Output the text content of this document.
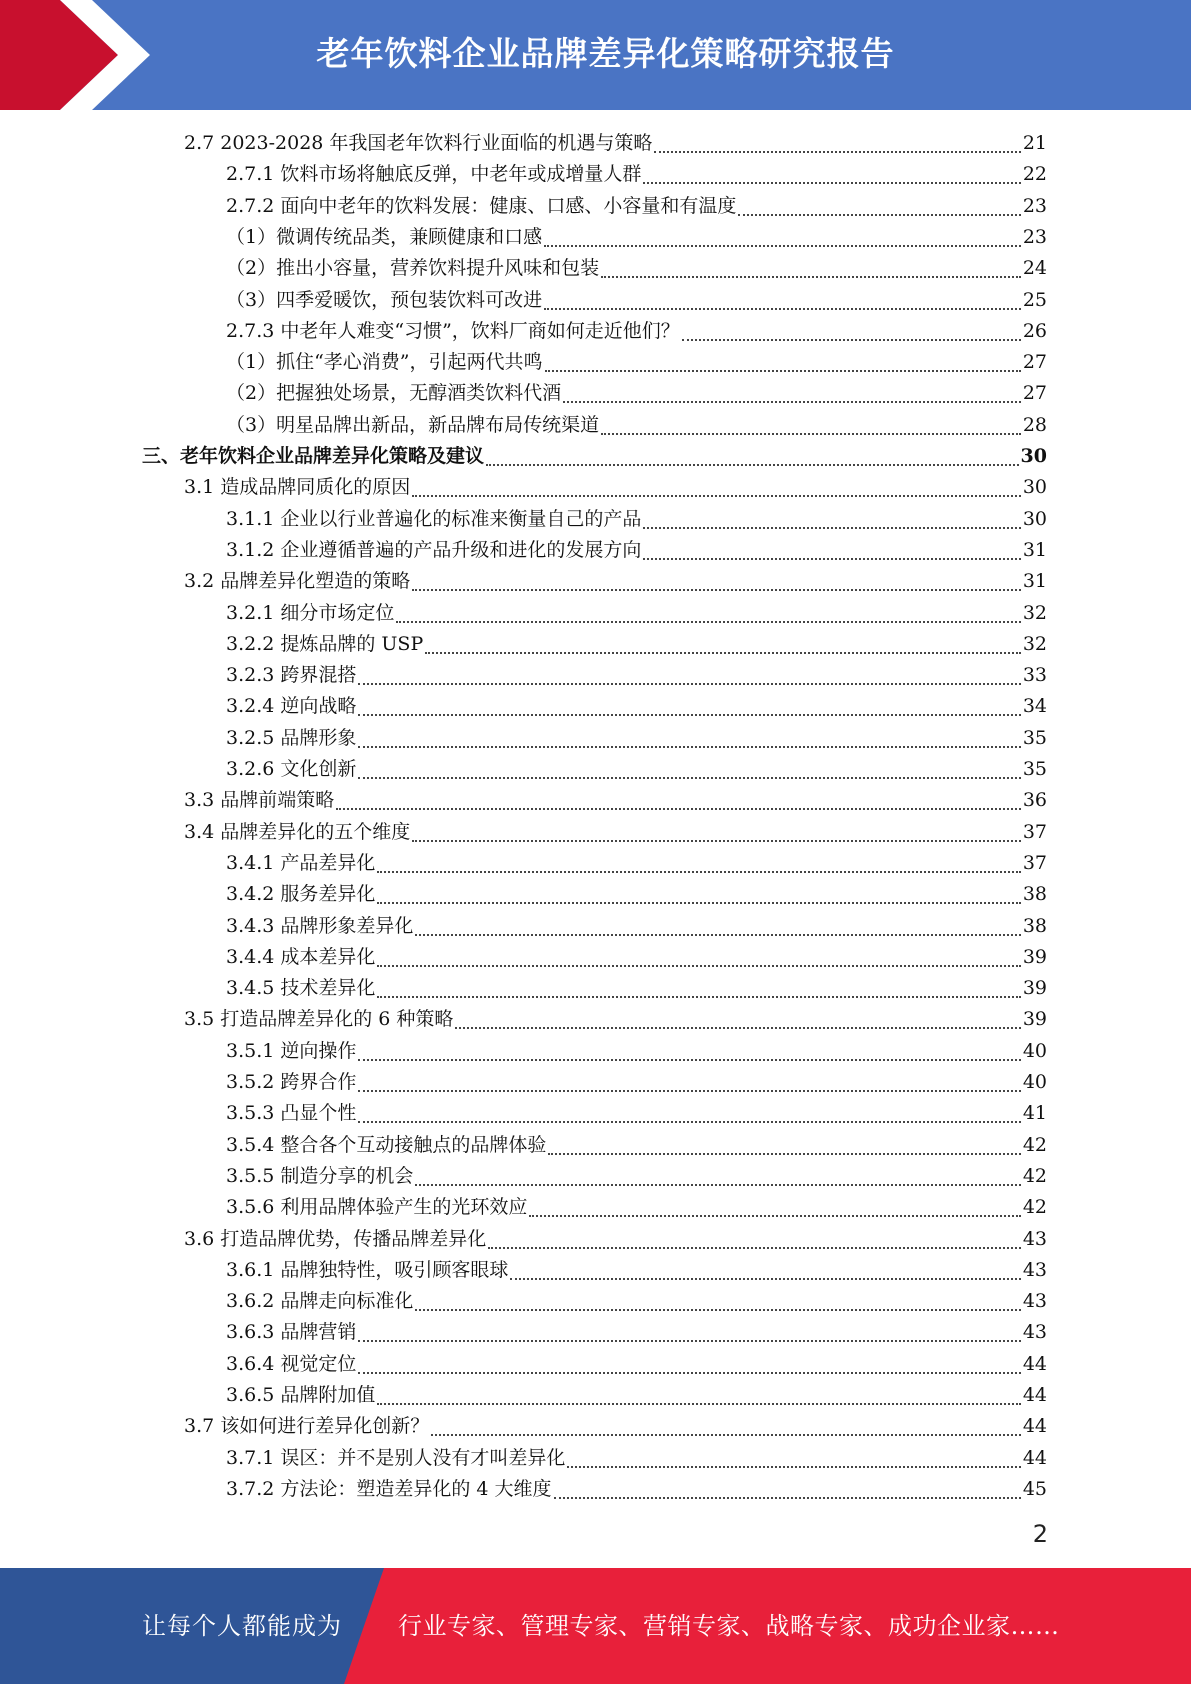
老年饮料企业品牌差异化策略研究报告
2.7 2023-2028 年我国老年饮料行业面临的机遇与策略	21
2.7.1 饮料市场将触底反弹，中老年或成增量人群	22
2.7.2 面向中老年的饮料发展：健康、口感、小容量和有温度	23
（1）微调传统品类，兼顾健康和口感	23
（2）推出小容量，营养饮料提升风味和包装	24
（3）四季爱暖饮，预包装饮料可改进	25
2.7.3 中老年人难变“习惯”，饮料厂商如何走近他们？	26
（1）抓住“孝心消费”，引起两代共鸣	27
（2）把握独处场景，无醇酒类饮料代酒	27
（3）明星品牌出新品，新品牌布局传统渠道	28
三、老年饮料企业品牌差异化策略及建议	30
3.1 造成品牌同质化的原因	30
3.1.1 企业以行业普遍化的标准来衡量自己的产品	30
3.1.2 企业遵循普遍的产品升级和进化的发展方向	31
3.2 品牌差异化塑造的策略	31
3.2.1 细分市场定位	32
3.2.2 提炼品牌的 USP	32
3.2.3 跨界混搭	33
3.2.4 逆向战略	34
3.2.5 品牌形象	35
3.2.6 文化创新	35
3.3 品牌前端策略	36
3.4 品牌差异化的五个维度	37
3.4.1 产品差异化	37
3.4.2 服务差异化	38
3.4.3 品牌形象差异化	38
3.4.4 成本差异化	39
3.4.5 技术差异化	39
3.5 打造品牌差异化的 6 种策略	39
3.5.1 逆向操作	40
3.5.2 跨界合作	40
3.5.3 凸显个性	41
3.5.4 整合各个互动接触点的品牌体验	42
3.5.5 制造分享的机会	42
3.5.6 利用品牌体验产生的光环效应	42
3.6 打造品牌优势，传播品牌差异化	43
3.6.1 品牌独特性，吸引顾客眼球	43
3.6.2 品牌走向标准化	43
3.6.3 品牌营销	43
3.6.4 视觉定位	44
3.6.5 品牌附加值	44
3.7 该如何进行差异化创新？	44
3.7.1 误区：并不是别人没有才叫差异化	44
3.7.2 方法论：塑造差异化的 4 大维度	45
2
让每个人都能成为 行业专家、管理专家、营销专家、战略专家、成功企业家……
